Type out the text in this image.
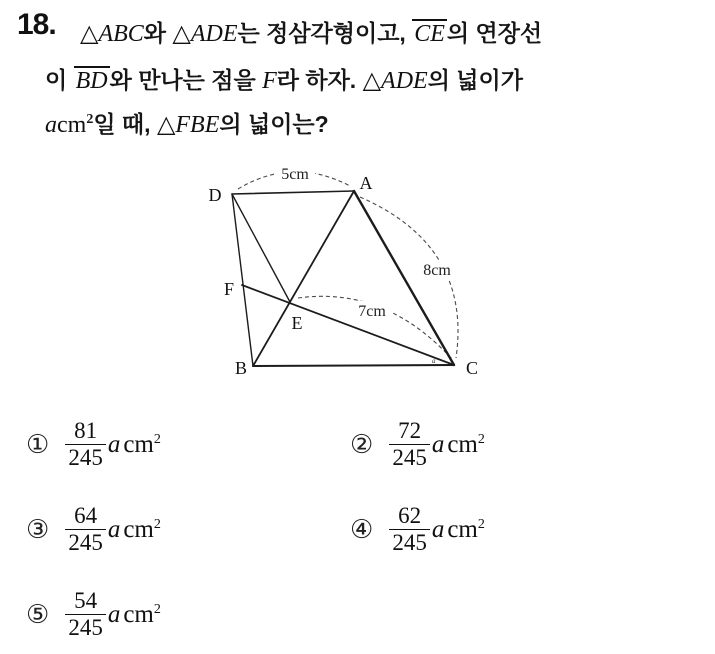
18. △ABC와 △ADE는 정삼각형이고, CE의 연장선
이 BD와 만나는 점을 F라 하자. △ADE의 넓이가
acm$^2$일 때, △FBE의 넓이는?
5cm
8cm
7cm
D
A
F
E
B	C
a
① $\frac{81}{245}$ a $cm^2$	② $\frac{72}{245}$ a $cm^2$
③ $\frac{64}{245}$ a $cm^2$	④ $\frac{62}{245}$ a $cm^2$
⑤ $\frac{54}{245}$ a $cm^2$
